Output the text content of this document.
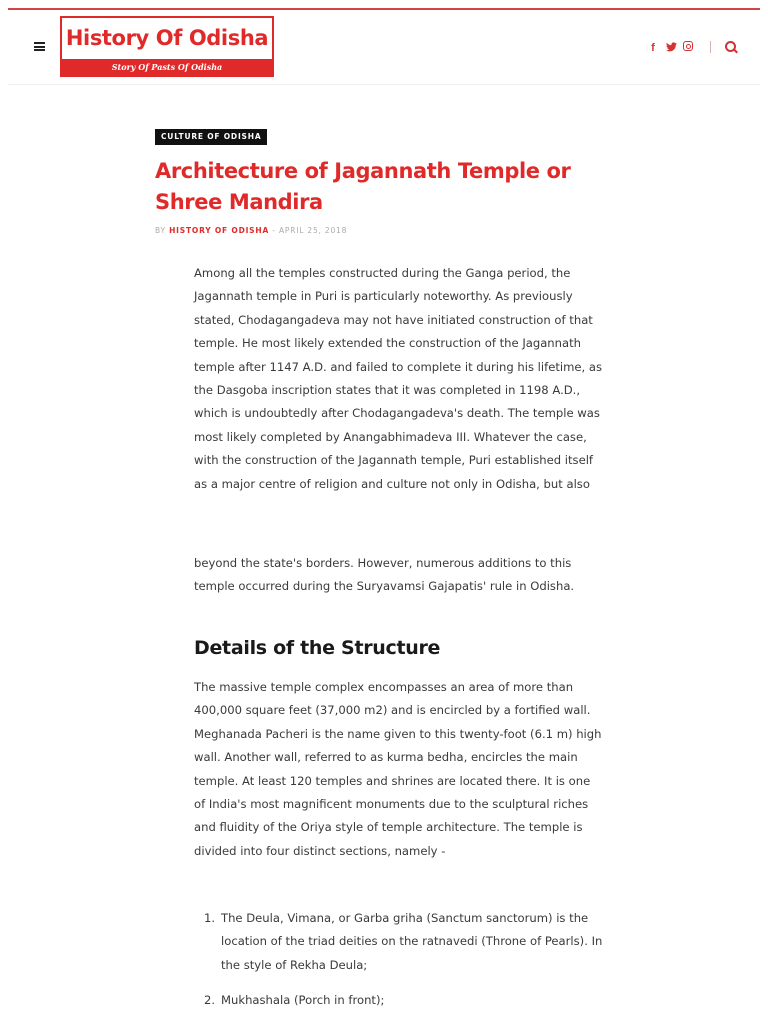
History Of Odisha
Story Of Pasts Of Odisha
f
CULTURE OF ODISHA
Architecture of Jagannath Temple or Shree Mandira
BY HISTORY OF ODISHA - APRIL 25, 2018

Among all the temples constructed during the Ganga period, the Jagannath temple in Puri is particularly noteworthy. As previously stated, Chodagangadeva may not have initiated construction of that temple. He most likely extended the construction of the Jagannath temple after 1147 A.D. and failed to complete it during his lifetime, as the Dasgoba inscription states that it was completed in 1198 A.D., which is undoubtedly after Chodagangadeva's death. The temple was most likely completed by Anangabhimadeva III. Whatever the case, with the construction of the Jagannath temple, Puri established itself as a major centre of religion and culture not only in Odisha, but also

beyond the state's borders. However, numerous additions to this temple occurred during the Suryavamsi Gajapatis' rule in Odisha.

Details of the Structure

The massive temple complex encompasses an area of more than 400,000 square feet (37,000 m2) and is encircled by a fortified wall. Meghanada Pacheri is the name given to this twenty-foot (6.1 m) high wall. Another wall, referred to as kurma bedha, encircles the main temple. At least 120 temples and shrines are located there. It is one of India's most magnificent monuments due to the sculptural riches and fluidity of the Oriya style of temple architecture. The temple is divided into four distinct sections, namely -

1. The Deula, Vimana, or Garba griha (Sanctum sanctorum) is the location of the triad deities on the ratnavedi (Throne of Pearls). In the style of Rekha Deula;
2. Mukhashala (Porch in front);
